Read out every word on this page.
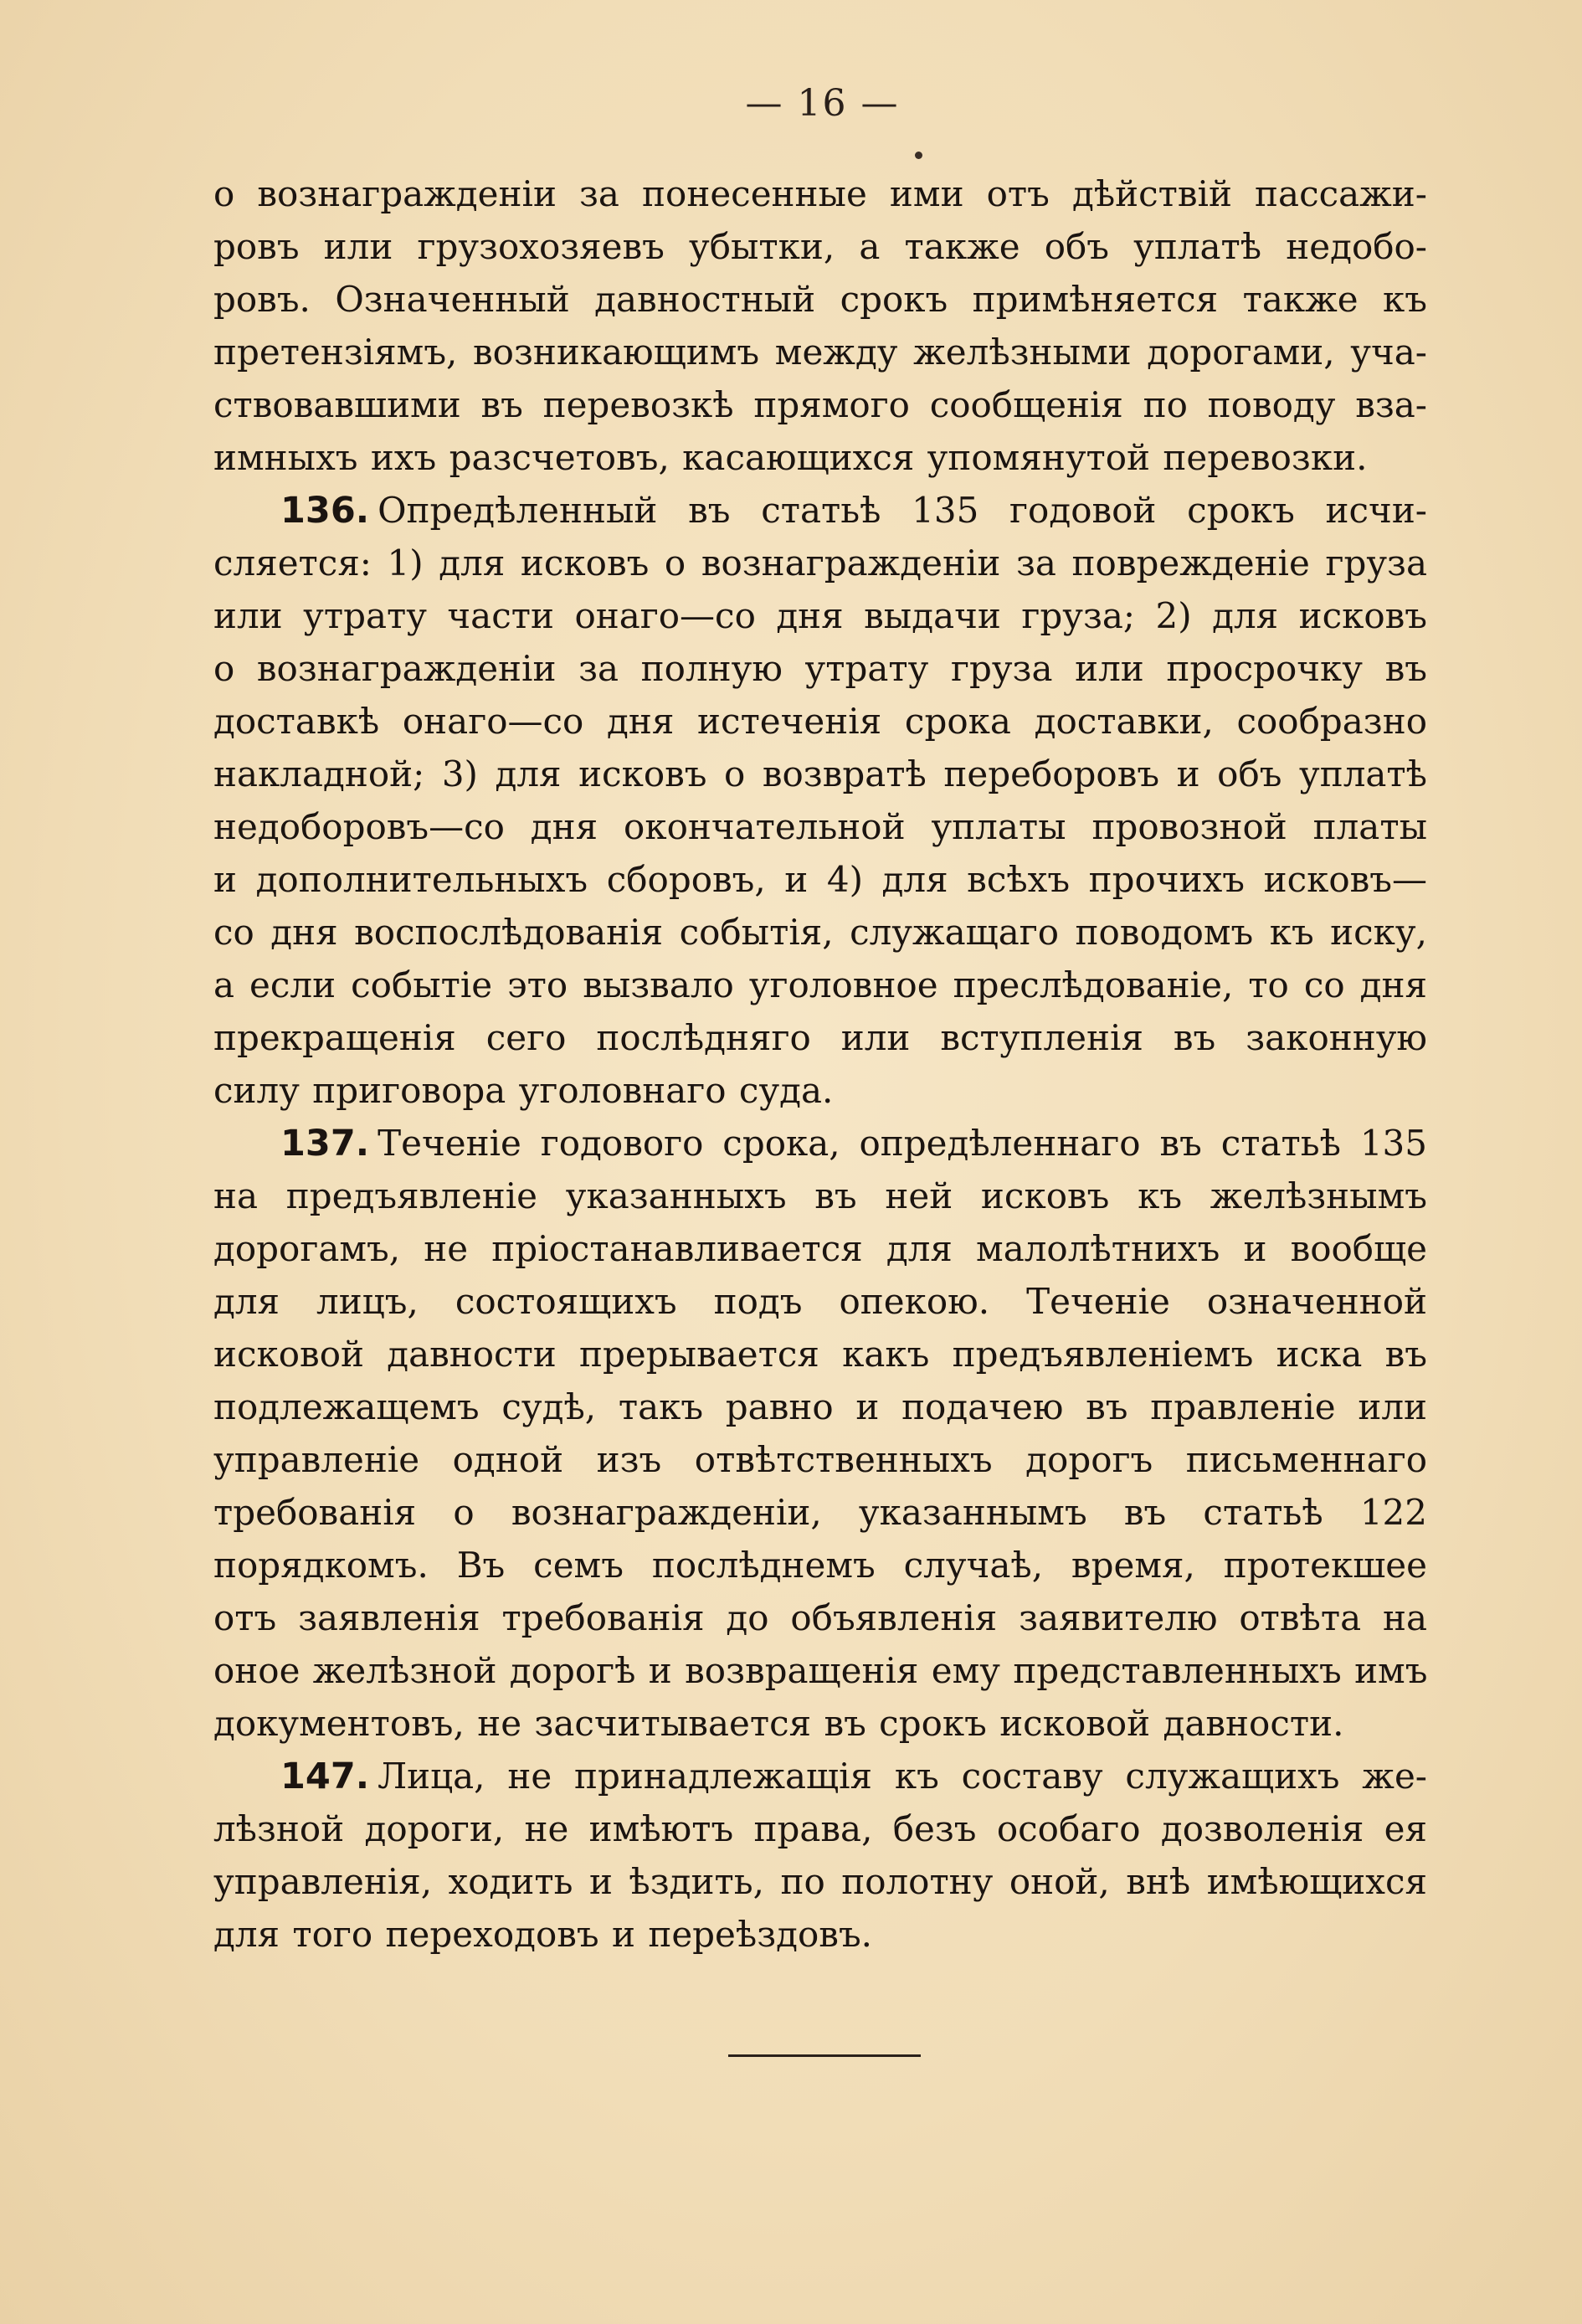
— 16 —
о вознагражденіи за понесенные ими отъ дѣйствій пассажи-
ровъ или грузохозяевъ убытки, а также объ уплатѣ недобо-
ровъ. Означенный давностный срокъ примѣняется также къ
претензіямъ, возникающимъ между желѣзными дорогами, уча-
ствовавшими въ перевозкѣ прямого сообщенія по поводу вза-
имныхъ ихъ разсчетовъ, касающихся упомянутой перевозки.
136. Опредѣленный въ статьѣ 135 годовой срокъ исчи-
сляется: 1) для исковъ о вознагражденіи за поврежденіе груза
или утрату части онаго—со дня выдачи груза; 2) для исковъ
о вознагражденіи за полную утрату груза или просрочку въ
доставкѣ онаго—со дня истеченія срока доставки, сообразно
накладной; 3) для исковъ о возвратѣ переборовъ и объ уплатѣ
недоборовъ—со дня окончательной уплаты провозной платы
и дополнительныхъ сборовъ, и 4) для всѣхъ прочихъ исковъ—
со дня воспослѣдованія событія, служащаго поводомъ къ иску,
а если событіе это вызвало уголовное преслѣдованіе, то со дня
прекращенія сего послѣдняго или вступленія въ законную
силу приговора уголовнаго суда.
137. Теченіе годового срока, опредѣленнаго въ статьѣ 135
на предъявленіе указанныхъ въ ней исковъ къ желѣзнымъ
дорогамъ, не пріостанавливается для малолѣтнихъ и вообще
для лицъ, состоящихъ подъ опекою. Теченіе означенной
исковой давности прерывается какъ предъявленіемъ иска въ
подлежащемъ судѣ, такъ равно и подачею въ правленіе или
управленіе одной изъ отвѣтственныхъ дорогъ письменнаго
требованія о вознагражденіи, указаннымъ въ статьѣ 122
порядкомъ. Въ семъ послѣднемъ случаѣ, время, протекшее
отъ заявленія требованія до объявленія заявителю отвѣта на
оное желѣзной дорогѣ и возвращенія ему представленныхъ имъ
документовъ, не засчитывается въ срокъ исковой давности.
147. Лица, не принадлежащія къ составу служащихъ же-
лѣзной дороги, не имѣютъ права, безъ особаго дозволенія ея
управленія, ходить и ѣздить, по полотну оной, внѣ имѣющихся
для того переходовъ и переѣздовъ.
